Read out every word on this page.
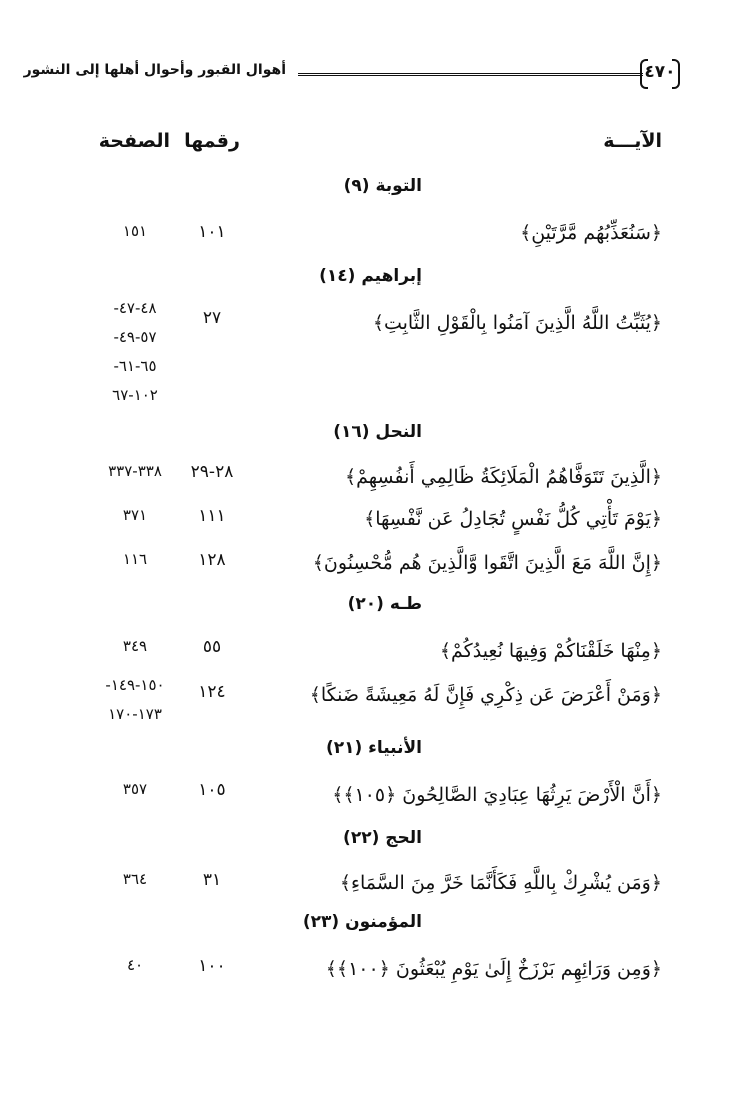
٤٧٠
أهوال القبور وأحوال أهلها إلى النشور
الآيـــة
رقمها
الصفحة
التوبة (٩)
﴿سَنُعَذِّبُهُم مَّرَّتَيْنِ﴾
١٠١
١٥١
إبراهيم (١٤)
﴿يُثَبِّتُ اللَّهُ الَّذِينَ آمَنُوا بِالْقَوْلِ الثَّابِتِ﴾
٢٧
-٤٨-٤٧
-٥٧-٤٩
-٦٥-٦١
١٠٢-٦٧
النحل (١٦)
﴿الَّذِينَ تَتَوَفَّاهُمُ الْمَلَائِكَةُ ظَالِمِي أَنفُسِهِمْ﴾
٢٨-٢٩
٣٣٨-٣٣٧
﴿يَوْمَ تَأْتِي كُلُّ نَفْسٍ تُجَادِلُ عَن نَّفْسِهَا﴾
١١١
٣٧١
﴿إِنَّ اللَّهَ مَعَ الَّذِينَ اتَّقَوا وَّالَّذِينَ هُم مُّحْسِنُونَ﴾
١٢٨
١١٦
طـه (٢٠)
﴿مِنْهَا خَلَقْنَاكُمْ وَفِيهَا نُعِيدُكُمْ﴾
٥٥
٣٤٩
﴿وَمَنْ أَعْرَضَ عَن ذِكْرِي فَإِنَّ لَهُ مَعِيشَةً ضَنكًا﴾
١٢٤
-١٥٠-١٤٩
١٧٣-١٧٠
الأنبياء (٢١)
﴿أَنَّ الْأَرْضَ يَرِثُهَا عِبَادِيَ الصَّالِحُونَ ﴿١٠٥﴾﴾
١٠٥
٣٥٧
الحج (٢٢)
﴿وَمَن يُشْرِكْ بِاللَّهِ فَكَأَنَّمَا خَرَّ مِنَ السَّمَاءِ﴾
٣١
٣٦٤
المؤمنون (٢٣)
﴿وَمِن وَرَائِهِم بَرْزَخٌ إِلَىٰ يَوْمِ يُبْعَثُونَ ﴿١٠٠﴾﴾
١٠٠
٤٠
